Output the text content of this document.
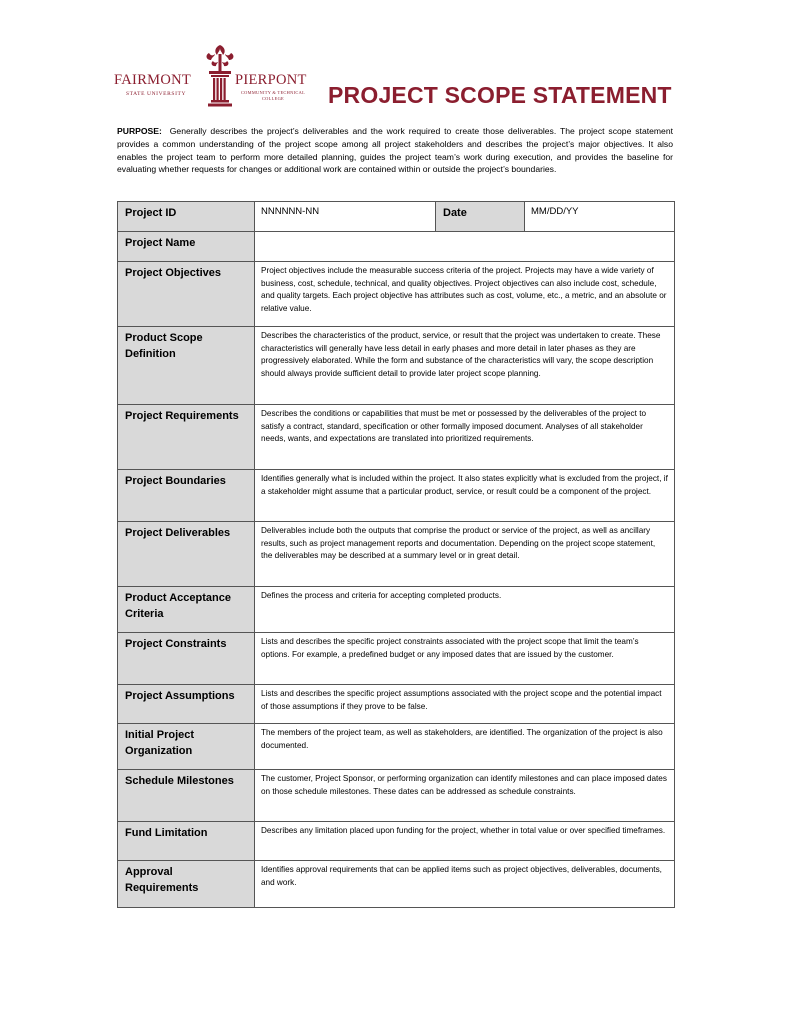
FAIRMONT	PIERPONT
STATE UNIVERSITY	COMMUNITY & TECHNICAL
COLLEGE	PROJECT SCOPE STATEMENT
PURPOSE: Generally describes the project’s deliverables and the work required to create those deliverables. The project scope statement provides a common understanding of the project scope among all project stakeholders and describes the project’s major objectives. It also enables the project team to perform more detailed planning, guides the project team’s work during execution, and provides the baseline for evaluating whether requests for changes or additional work are contained within or outside the project’s boundaries.
Project ID	NNNNNN-NN	Date	MM/DD/YY
Project Name			
Project Objectives	Project objectives include the measurable success criteria of the project. Projects may have a wide variety of business, cost, schedule, technical, and quality objectives. Project objectives can also include cost, schedule, and quality targets. Each project objective has attributes such as cost, volume, etc., a metric, and an absolute or relative value.		
Product Scope Definition	Describes the characteristics of the product, service, or result that the project was undertaken to create. These characteristics will generally have less detail in early phases and more detail in later phases as they are progressively elaborated. While the form and substance of the characteristics will vary, the scope description should always provide sufficient detail to provide later project scope planning.		
Project Requirements	Describes the conditions or capabilities that must be met or possessed by the deliverables of the project to satisfy a contract, standard, specification or other formally imposed document. Analyses of all stakeholder needs, wants, and expectations are translated into prioritized requirements.		
Project Boundaries	Identifies generally what is included within the project. It also states explicitly what is excluded from the project, if a stakeholder might assume that a particular product, service, or result could be a component of the project.		
Project Deliverables	Deliverables include both the outputs that comprise the product or service of the project, as well as ancillary results, such as project management reports and documentation. Depending on the project scope statement, the deliverables may be described at a summary level or in great detail.		
Product Acceptance Criteria	Defines the process and criteria for accepting completed products.		
Project Constraints	Lists and describes the specific project constraints associated with the project scope that limit the team’s options. For example, a predefined budget or any imposed dates that are issued by the customer.		
Project Assumptions	Lists and describes the specific project assumptions associated with the project scope and the potential impact of those assumptions if they prove to be false.		
Initial Project Organization	The members of the project team, as well as stakeholders, are identified. The organization of the project is also documented.		
Schedule Milestones	The customer, Project Sponsor, or performing organization can identify milestones and can place imposed dates on those schedule milestones. These dates can be addressed as schedule constraints.		
Fund Limitation	Describes any limitation placed upon funding for the project, whether in total value or over specified timeframes.		
Approval Requirements	Identifies approval requirements that can be applied items such as project objectives, deliverables, documents, and work.		
